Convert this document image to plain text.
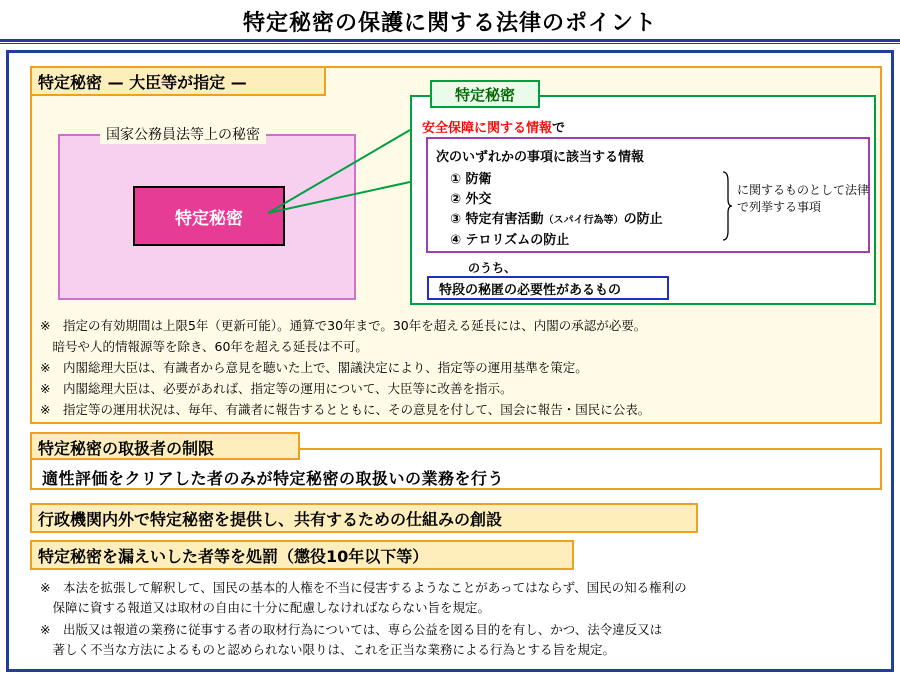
特定秘密の保護に関する法律のポイント
特定秘密 — 大臣等が指定 —
国家公務員法等上の秘密
特定秘密
特定秘密
安全保障に関する情報で
次のいずれかの事項に該当する情報
① 防衛
② 外交
③ 特定有害活動（スパイ行為等）の防止
④ テロリズムの防止
に関するものとして法律で列挙する事項
のうち、
特段の秘匿の必要性があるもの
※　指定の有効期間は上限5年（更新可能）。通算で30年まで。30年を超える延長には、内閣の承認が必要。
　暗号や人的情報源等を除き、60年を超える延長は不可。
※　内閣総理大臣は、有識者から意見を聴いた上で、閣議決定により、指定等の運用基準を策定。
※　内閣総理大臣は、必要があれば、指定等の運用について、大臣等に改善を指示。
※　指定等の運用状況は、毎年、有識者に報告するとともに、その意見を付して、国会に報告・国民に公表。
特定秘密の取扱者の制限
適性評価をクリアした者のみが特定秘密の取扱いの業務を行う
行政機関内外で特定秘密を提供し、共有するための仕組みの創設
特定秘密を漏えいした者等を処罰（懲役10年以下等）
※　本法を拡張して解釈して、国民の基本的人権を不当に侵害するようなことがあってはならず、国民の知る権利の
　保障に資する報道又は取材の自由に十分に配慮しなければならない旨を規定。
※　出版又は報道の業務に従事する者の取材行為については、専ら公益を図る目的を有し、かつ、法令違反又は
　著しく不当な方法によるものと認められない限りは、これを正当な業務による行為とする旨を規定。
